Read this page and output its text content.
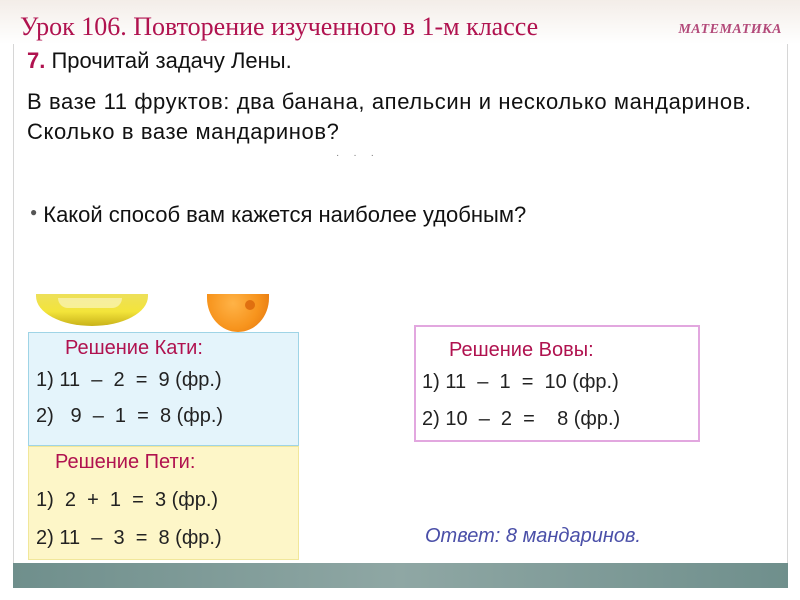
Урок 106. Повторение изученного в 1-м классе	МАТЕМАТИКА
7. Прочитай задачу Лены.

В вазе 11 фруктов: два банана, апельсин и несколько мандаринов. Сколько в вазе мандаринов?

···
● Какой способ вам кажется наиболее удобным?
Решение Кати:
1) 11  –  2  =  9 (фр.)
2)   9  –  1  =  8 (фр.)
Решение Пети:
1)  2  +  1  =  3 (фр.)
2) 11  –  3  =  8 (фр.)
Решение Вовы:
1) 11  –  1  =  10 (фр.)
2) 10  –  2  =    8 (фр.)
Ответ: 8 мандаринов.
